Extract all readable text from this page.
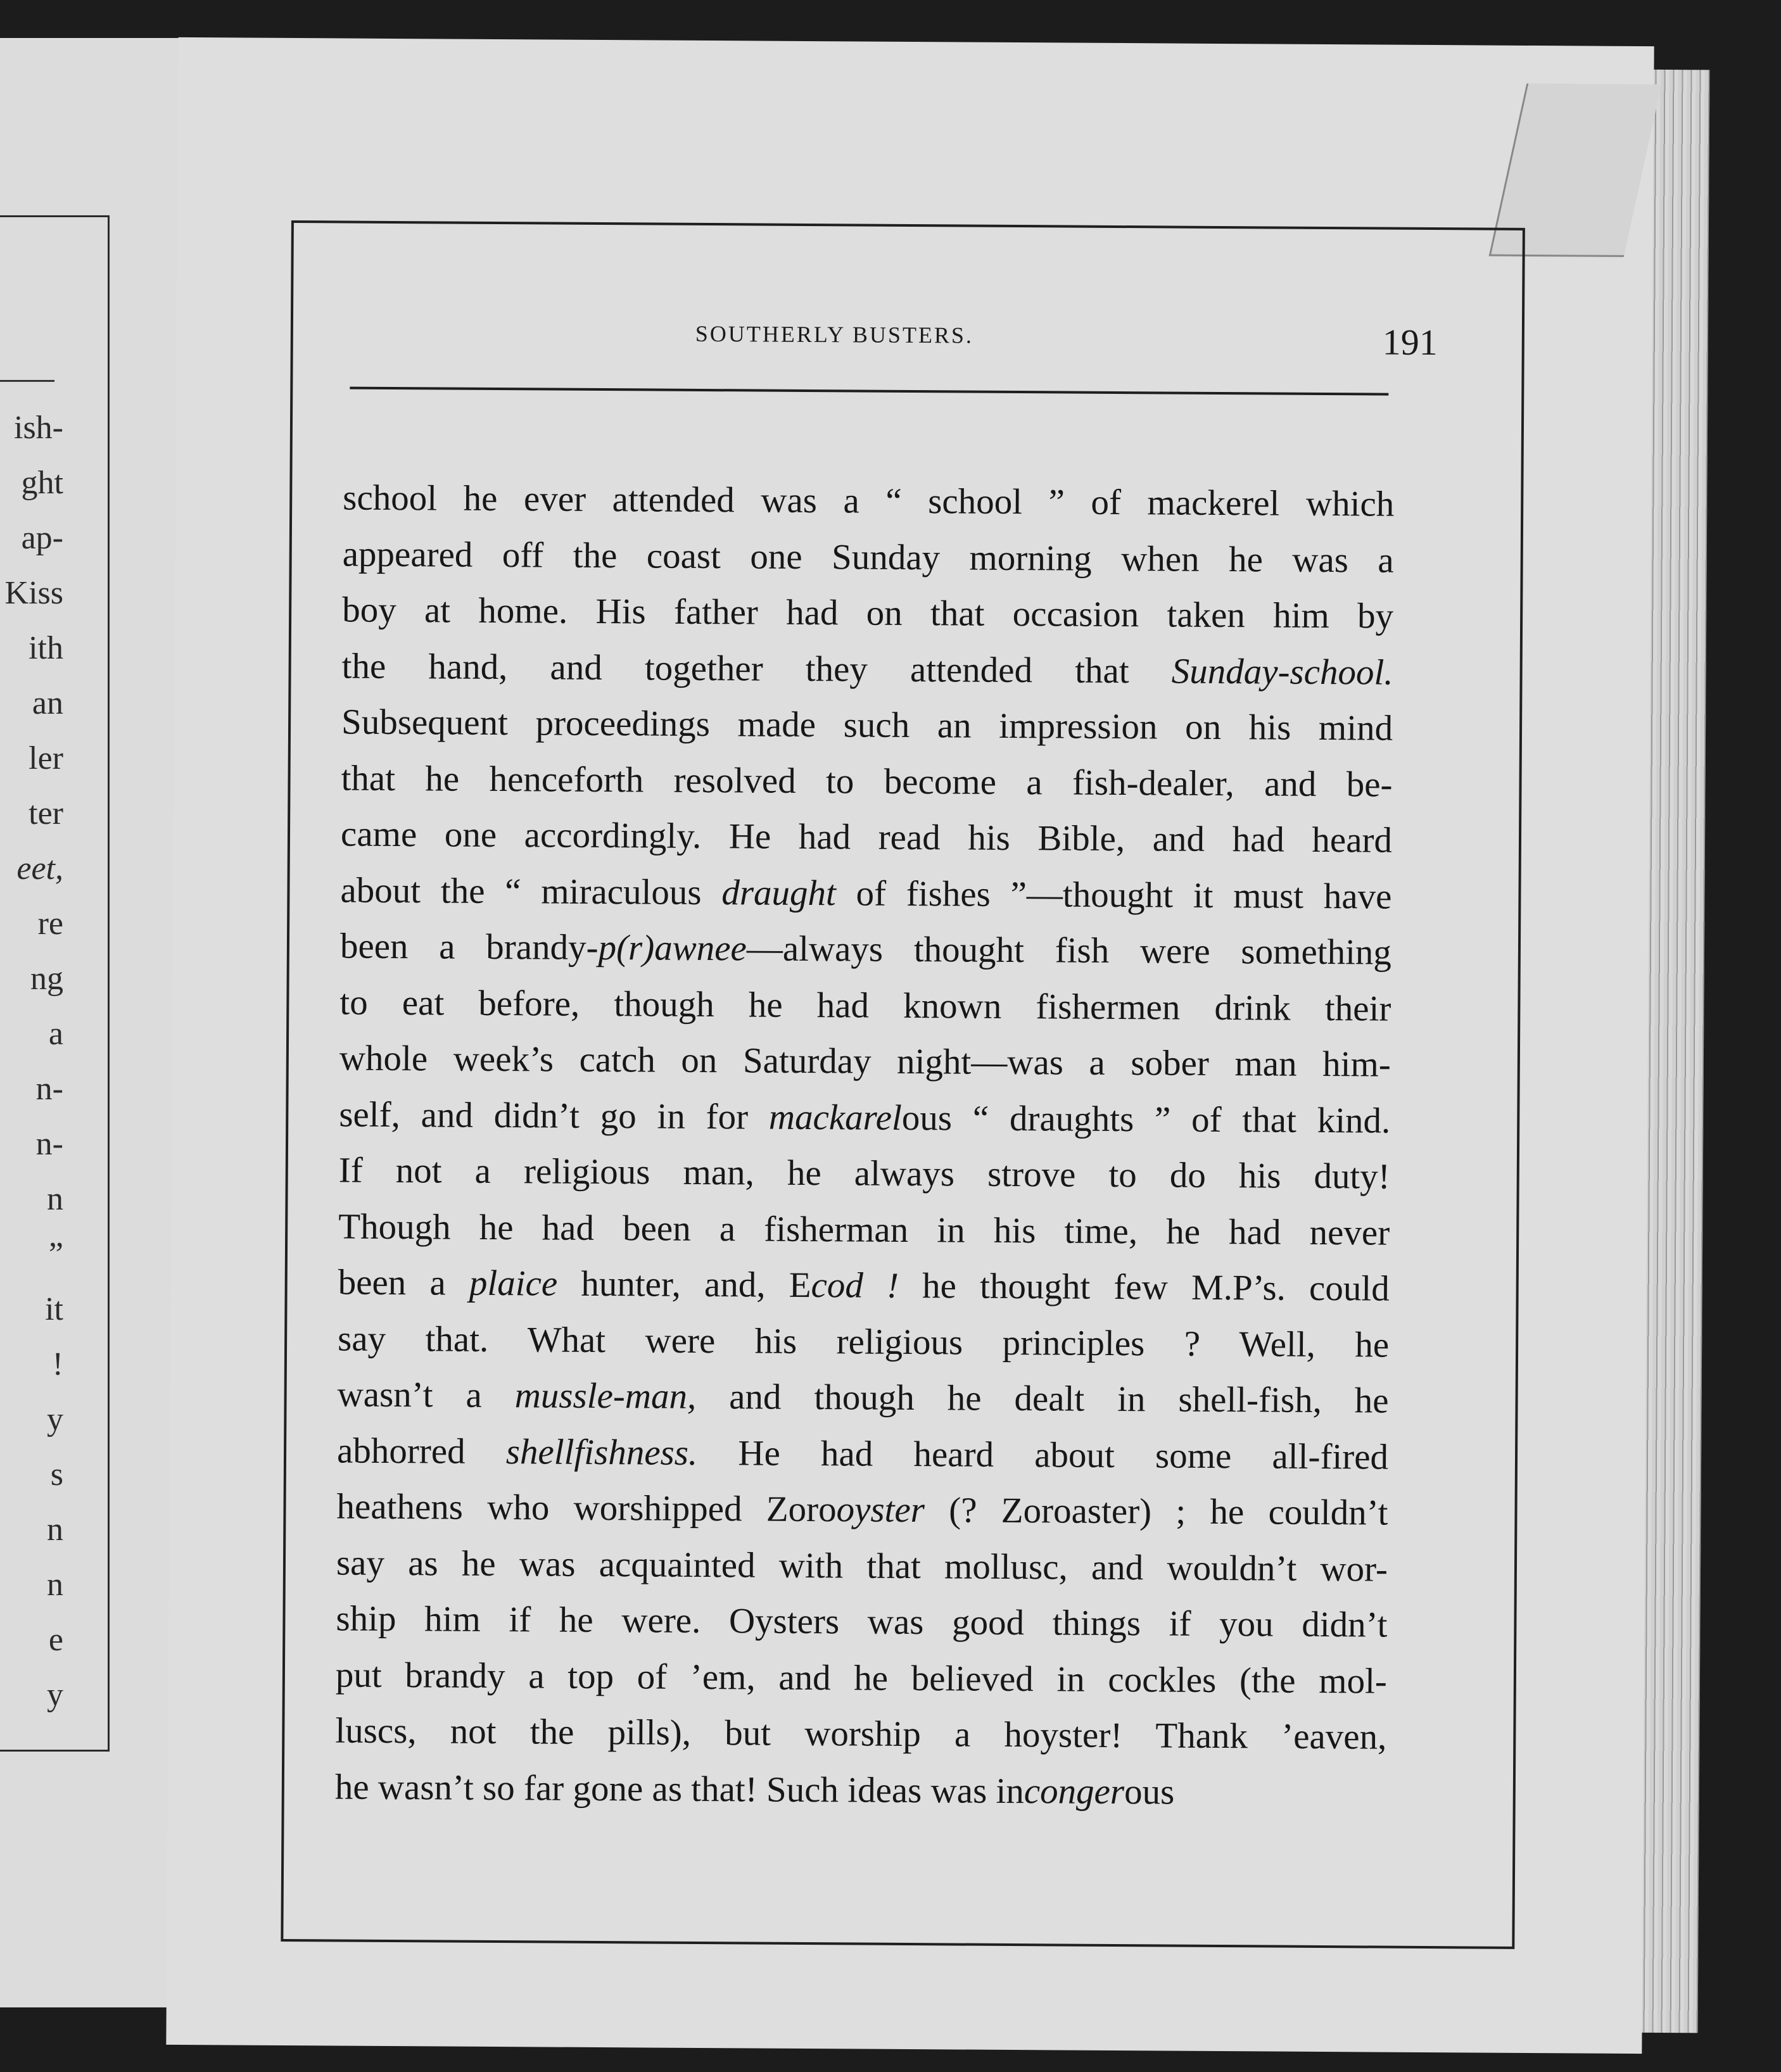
ish-
ght
ap-
Kiss
ith
an
ler
ter
eet,
re
ng
a
n-
n-
n
”
it
!
y
s
n
n
e
y
SOUTHERLY BUSTERS.	191
school he ever attended was a “ school ” of mackerel which
appeared off the coast one Sunday morning when he was a
boy at home. His father had on that occasion taken him by
the hand, and together they attended that Sunday-school.
Subsequent proceedings made such an impression on his mind
that he henceforth resolved to become a fish-dealer, and be-
came one accordingly. He had read his Bible, and had heard
about the “ miraculous draught of fishes ”—thought it must have
been a brandy-p(r)awnee—always thought fish were something
to eat before, though he had known fishermen drink their
whole week’s catch on Saturday night—was a sober man him-
self, and didn’t go in for mackarelous “ draughts ” of that kind.
If not a religious man, he always strove to do his duty!
Though he had been a fisherman in his time, he had never
been a plaice hunter, and, Ecod ! he thought few M.P’s. could
say that. What were his religious principles ? Well, he
wasn’t a mussle-man, and though he dealt in shell-fish, he
abhorred shellfishness. He had heard about some all-fired
heathens who worshipped Zorooyster (? Zoroaster) ; he couldn’t
say as he was acquainted with that mollusc, and wouldn’t wor-
ship him if he were. Oysters was good things if you didn’t
put brandy a top of ’em, and he believed in cockles (the mol-
luscs, not the pills), but worship a hoyster! Thank ’eaven,
he wasn’t so far gone as that! Such ideas was incongerous
